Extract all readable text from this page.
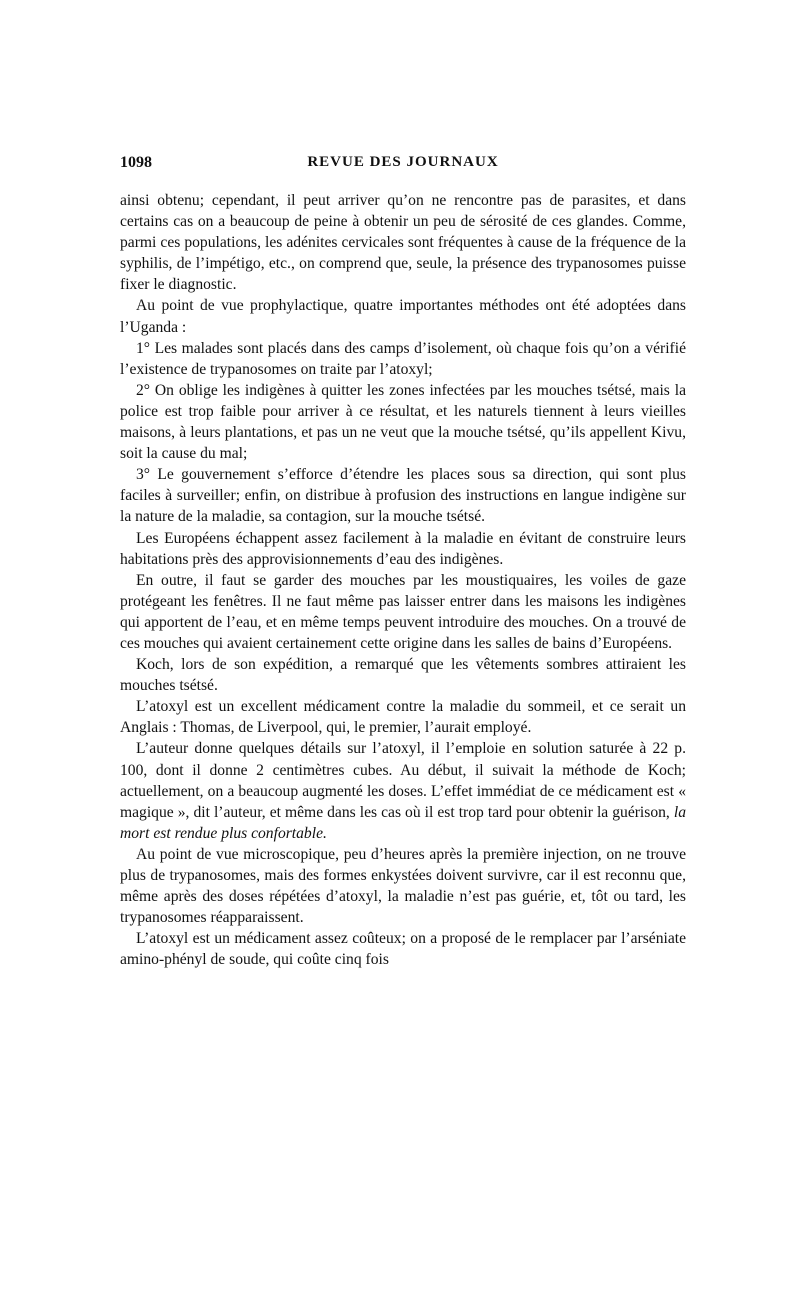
1098	REVUE DES JOURNAUX

ainsi obtenu; cependant, il peut arriver qu’on ne rencontre pas de parasites, et dans certains cas on a beaucoup de peine à obtenir un peu de sérosité de ces glandes. Comme, parmi ces populations, les adénites cervicales sont fréquentes à cause de la fréquence de la syphilis, de l’impétigo, etc., on comprend que, seule, la présence des trypanosomes puisse fixer le diagnostic.

Au point de vue prophylactique, quatre importantes méthodes ont été adoptées dans l’Uganda :

1° Les malades sont placés dans des camps d’isolement, où chaque fois qu’on a vérifié l’existence de trypanosomes on traite par l’atoxyl;

2° On oblige les indigènes à quitter les zones infectées par les mouches tsétsé, mais la police est trop faible pour arriver à ce résultat, et les naturels tiennent à leurs vieilles maisons, à leurs plantations, et pas un ne veut que la mouche tsétsé, qu’ils appellent Kivu, soit la cause du mal;

3° Le gouvernement s’efforce d’étendre les places sous sa direction, qui sont plus faciles à surveiller; enfin, on distribue à profusion des instructions en langue indigène sur la nature de la maladie, sa contagion, sur la mouche tsétsé.

Les Européens échappent assez facilement à la maladie en évitant de construire leurs habitations près des approvisionnements d’eau des indigènes.

En outre, il faut se garder des mouches par les moustiquaires, les voiles de gaze protégeant les fenêtres. Il ne faut même pas laisser entrer dans les maisons les indigènes qui apportent de l’eau, et en même temps peuvent introduire des mouches. On a trouvé de ces mouches qui avaient certainement cette origine dans les salles de bains d’Européens.

Koch, lors de son expédition, a remarqué que les vêtements sombres attiraient les mouches tsétsé.

L’atoxyl est un excellent médicament contre la maladie du sommeil, et ce serait un Anglais : Thomas, de Liverpool, qui, le premier, l’aurait employé.

L’auteur donne quelques détails sur l’atoxyl, il l’emploie en solution saturée à 22 p. 100, dont il donne 2 centimètres cubes. Au début, il suivait la méthode de Koch; actuellement, on a beaucoup augmenté les doses. L’effet immédiat de ce médicament est « magique », dit l’auteur, et même dans les cas où il est trop tard pour obtenir la guérison, la mort est rendue plus confortable.

Au point de vue microscopique, peu d’heures après la première injection, on ne trouve plus de trypanosomes, mais des formes enkystées doivent survivre, car il est reconnu que, même après des doses répétées d’atoxyl, la maladie n’est pas guérie, et, tôt ou tard, les trypanosomes réapparaissent.

L’atoxyl est un médicament assez coûteux; on a proposé de le remplacer par l’arséniate amino-phényl de soude, qui coûte cinq fois
